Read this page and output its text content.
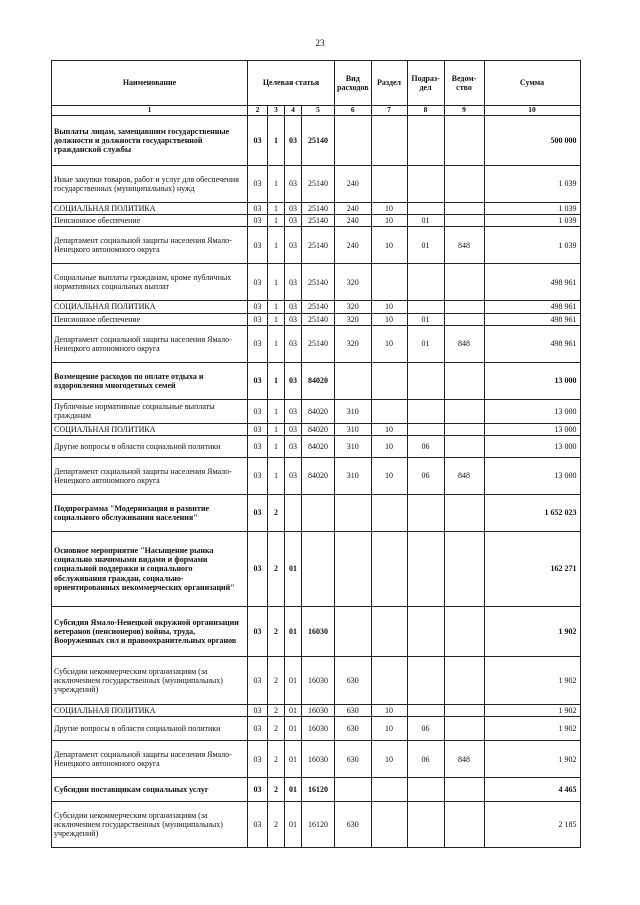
23
Наименование	Целевая статья				Вид расходов	Раздел	Подраз-дел	Ведом-ство	Сумма
1	2	3	4	5	6	7	8	9	10
Выплаты лицам, замещавшим государственные должности и должности государственной гражданской службы	03	1	03	25140					500 000
Иные закупки товаров, работ и услуг для обеспечения государственных (муниципальных) нужд	03	1	03	25140	240				1 039
СОЦИАЛЬНАЯ ПОЛИТИКА	03	1	03	25140	240	10			1 039
Пенсионное обеспечение	03	1	03	25140	240	10	01		1 039
Департамент социальной защиты населения Ямало-Ненецкого автономного округа	03	1	03	25140	240	10	01	848	1 039
Социальные выплаты гражданам, кроме публичных нормативных социальных выплат	03	1	03	25140	320				498 961
СОЦИАЛЬНАЯ ПОЛИТИКА	03	1	03	25140	320	10			498 961
Пенсионное обеспечение	03	1	03	25140	320	10	01		498 961
Департамент социальной защиты населения Ямало-Ненецкого автономного округа	03	1	03	25140	320	10	01	848	498 961
Возмещение расходов по оплате отдыха и оздоровления многодетных семей	03	1	03	84020					13 000
Публичные нормативные социальные выплаты гражданам	03	1	03	84020	310				13 000
СОЦИАЛЬНАЯ ПОЛИТИКА	03	1	03	84020	310	10			13 000
Другие вопросы в области социальной политики	03	1	03	84020	310	10	06		13 000
Департамент социальной защиты населения Ямало-Ненецкого автономного округа	03	1	03	84020	310	10	06	848	13 000
Подпрограмма "Модернизация и развитие социального обслуживания населения"	03	2							1 652 023
Основное мероприятие "Насыщение рынка социально значимыми видами и формами социальной поддержки и социального обслуживания граждан, социально-ориентированных некоммерческих организаций"	03	2	01						162 271
Субсидия Ямало-Ненецкой окружной организации ветеранов (пенсионеров) войны, труда, Вооруженных сил и правоохранительных органов	03	2	01	16030					1 902
Субсидии некоммерческим организациям (за исключением государственных (муниципальных) учреждений)	03	2	01	16030	630				1 902
СОЦИАЛЬНАЯ ПОЛИТИКА	03	2	01	16030	630	10			1 902
Другие вопросы в области социальной политики	03	2	01	16030	630	10	06		1 902
Департамент социальной защиты населения Ямало-Ненецкого автономного округа	03	2	01	16030	630	10	06	848	1 902
Субсидии поставщикам социальных услуг	03	2	01	16120					4 465
Субсидии некоммерческим организациям (за исключением государственных (муниципальных) учреждений)	03	2	01	16120	630				2 185
